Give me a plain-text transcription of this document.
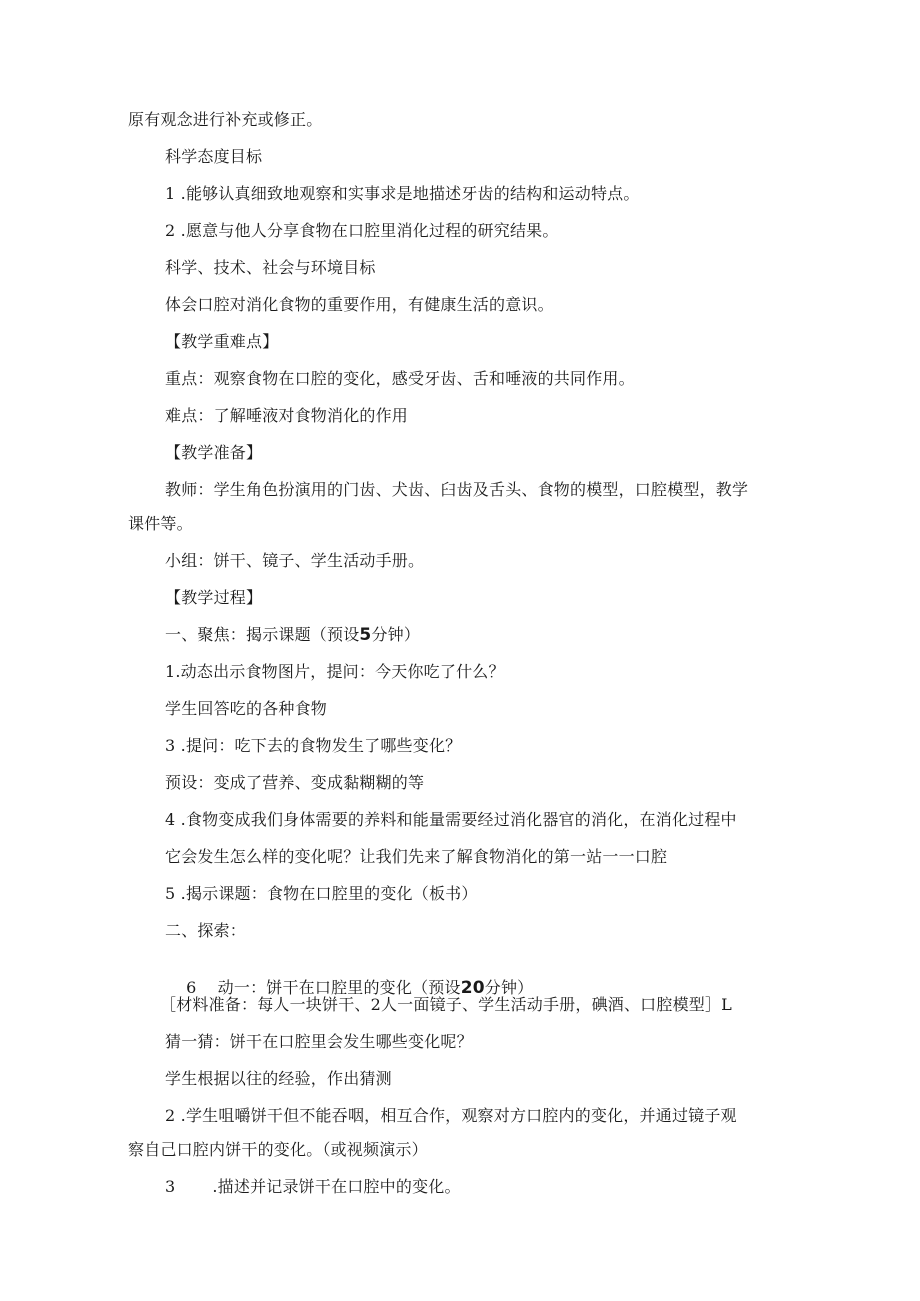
原有观念进行补充或修正。
科学态度目标
1 .能够认真细致地观察和实事求是地描述牙齿的结构和运动特点。
2 .愿意与他人分享食物在口腔里消化过程的研究结果。
科学、技术、社会与环境目标
体会口腔对消化食物的重要作用，有健康生活的意识。
【教学重难点】
重点：观察食物在口腔的变化，感受牙齿、舌和唾液的共同作用。
难点：了解唾液对食物消化的作用
【教学准备】
教师：学生角色扮演用的门齿、犬齿、臼齿及舌头、食物的模型，口腔模型，教学
课件等。
小组：饼干、镜子、学生活动手册。
【教学过程】
一、聚焦：揭示课题（预设5分钟）
1.动态出示食物图片，提问：今天你吃了什么？
学生回答吃的各种食物
3 .提问：吃下去的食物发生了哪些变化？
预设：变成了营养、变成黏糊糊的等
4 .食物变成我们身体需要的养料和能量需要经过消化器官的消化，在消化过程中
它会发生怎么样的变化呢？让我们先来了解食物消化的第一站一一口腔
5 .揭示课题：食物在口腔里的变化（板书）
二、探索：

6    动一：饼干在口腔里的变化（预设20分钟）

［材料准备：每人一块饼干、2人一面镜子、学生活动手册，碘酒、口腔模型］L
猜一猜：饼干在口腔里会发生哪些变化呢？
学生根据以往的经验，作出猜测
2 .学生咀嚼饼干但不能吞咽，相互合作，观察对方口腔内的变化，并通过镜子观
察自己口腔内饼干的变化。（或视频演示）
3       .描述并记录饼干在口腔中的变化。
